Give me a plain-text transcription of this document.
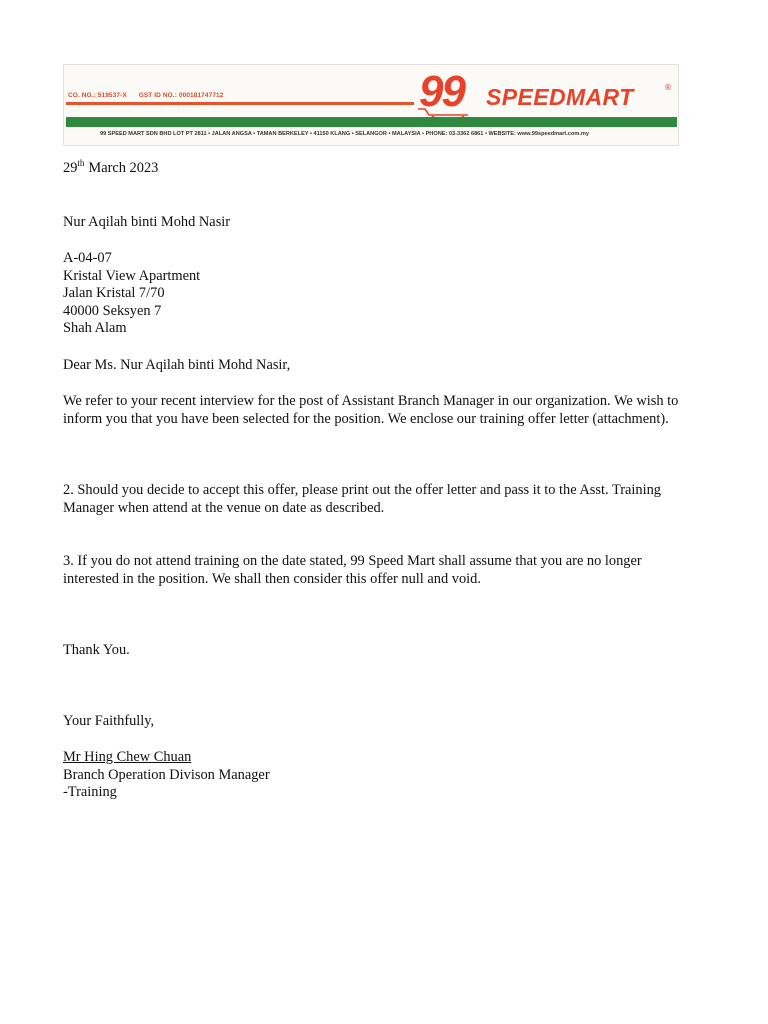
CO. NO.: 519537-X GST ID NO.: 000181747712	99 SPEEDMART	®
99 SPEED MART SDN BHD LOT PT 2811 • JALAN ANGSA • TAMAN BERKELEY • 41150 KLANG • SELANGOR • MALAYSIA • PHONE: 03-3362 6861 • WEBSITE: www.99speedmart.com.my
29th March 2023
Nur Aqilah binti Mohd Nasir
A-04-07
Kristal View Apartment
Jalan Kristal 7/70
40000 Seksyen 7
Shah Alam
Dear Ms. Nur Aqilah binti Mohd Nasir,
We refer to your recent interview for the post of Assistant Branch Manager in our organization. We wish to inform you that you have been selected for the position. We enclose our training offer letter (attachment).
2. Should you decide to accept this offer, please print out the offer letter and pass it to the Asst. Training Manager when attend at the venue on date as described.
3. If you do not attend training on the date stated, 99 Speed Mart shall assume that you are no longer interested in the position. We shall then consider this offer null and void.
Thank You.
Your Faithfully,
Mr Hing Chew Chuan
Branch Operation Divison Manager
-Training
